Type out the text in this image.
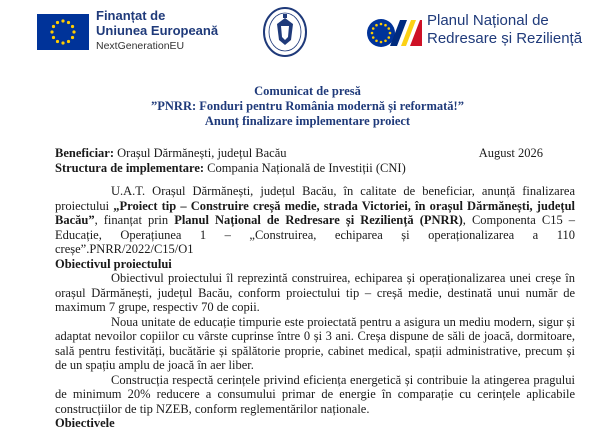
Finanțat de
Uniunea Europeană
NextGenerationEU
Planul Național de
Redresare și Reziliență
Comunicat de presă
”PNRR: Fonduri pentru România modernă și reformată!”
Anunț finalizare implementare proiect
Beneficiar: Orașul Dărmănești, județul Bacău	August 2026
Structura de implementare: Compania Națională de Investiții (CNI)

U.A.T. Orașul Dărmănești, județul Bacău, în calitate de beneficiar, anunță finalizarea proiectului „Proiect tip – Construire creșă medie, strada Victoriei, în orașul Dărmănești, județul Bacău”, finanțat prin Planul Național de Redresare și Reziliență (PNRR), Componenta C15 – Educație, Operațiunea 1 – „Construirea, echiparea și operaționalizarea a 110 creșe”.PNRR/2022/C15/O1

Obiectivul proiectului

Obiectivul proiectului îl reprezintă construirea, echiparea și operaționalizarea unei creșe în orașul Dărmănești, județul Bacău, conform proiectului tip – creșă medie, destinată unui număr de maximum 7 grupe, respectiv 70 de copii.

Noua unitate de educație timpurie este proiectată pentru a asigura un mediu modern, sigur și adaptat nevoilor copiilor cu vârste cuprinse între 0 și 3 ani. Creșa dispune de săli de joacă, dormitoare, sală pentru festivități, bucătărie și spălătorie proprie, cabinet medical, spații administrative, precum și de un spațiu amplu de joacă în aer liber.

Construcția respectă cerințele privind eficiența energetică și contribuie la atingerea pragului de minimum 20% reducere a consumului primar de energie în comparație cu cerințele aplicabile construcțiilor de tip NZEB, conform reglementărilor naționale.

Obiectivele
